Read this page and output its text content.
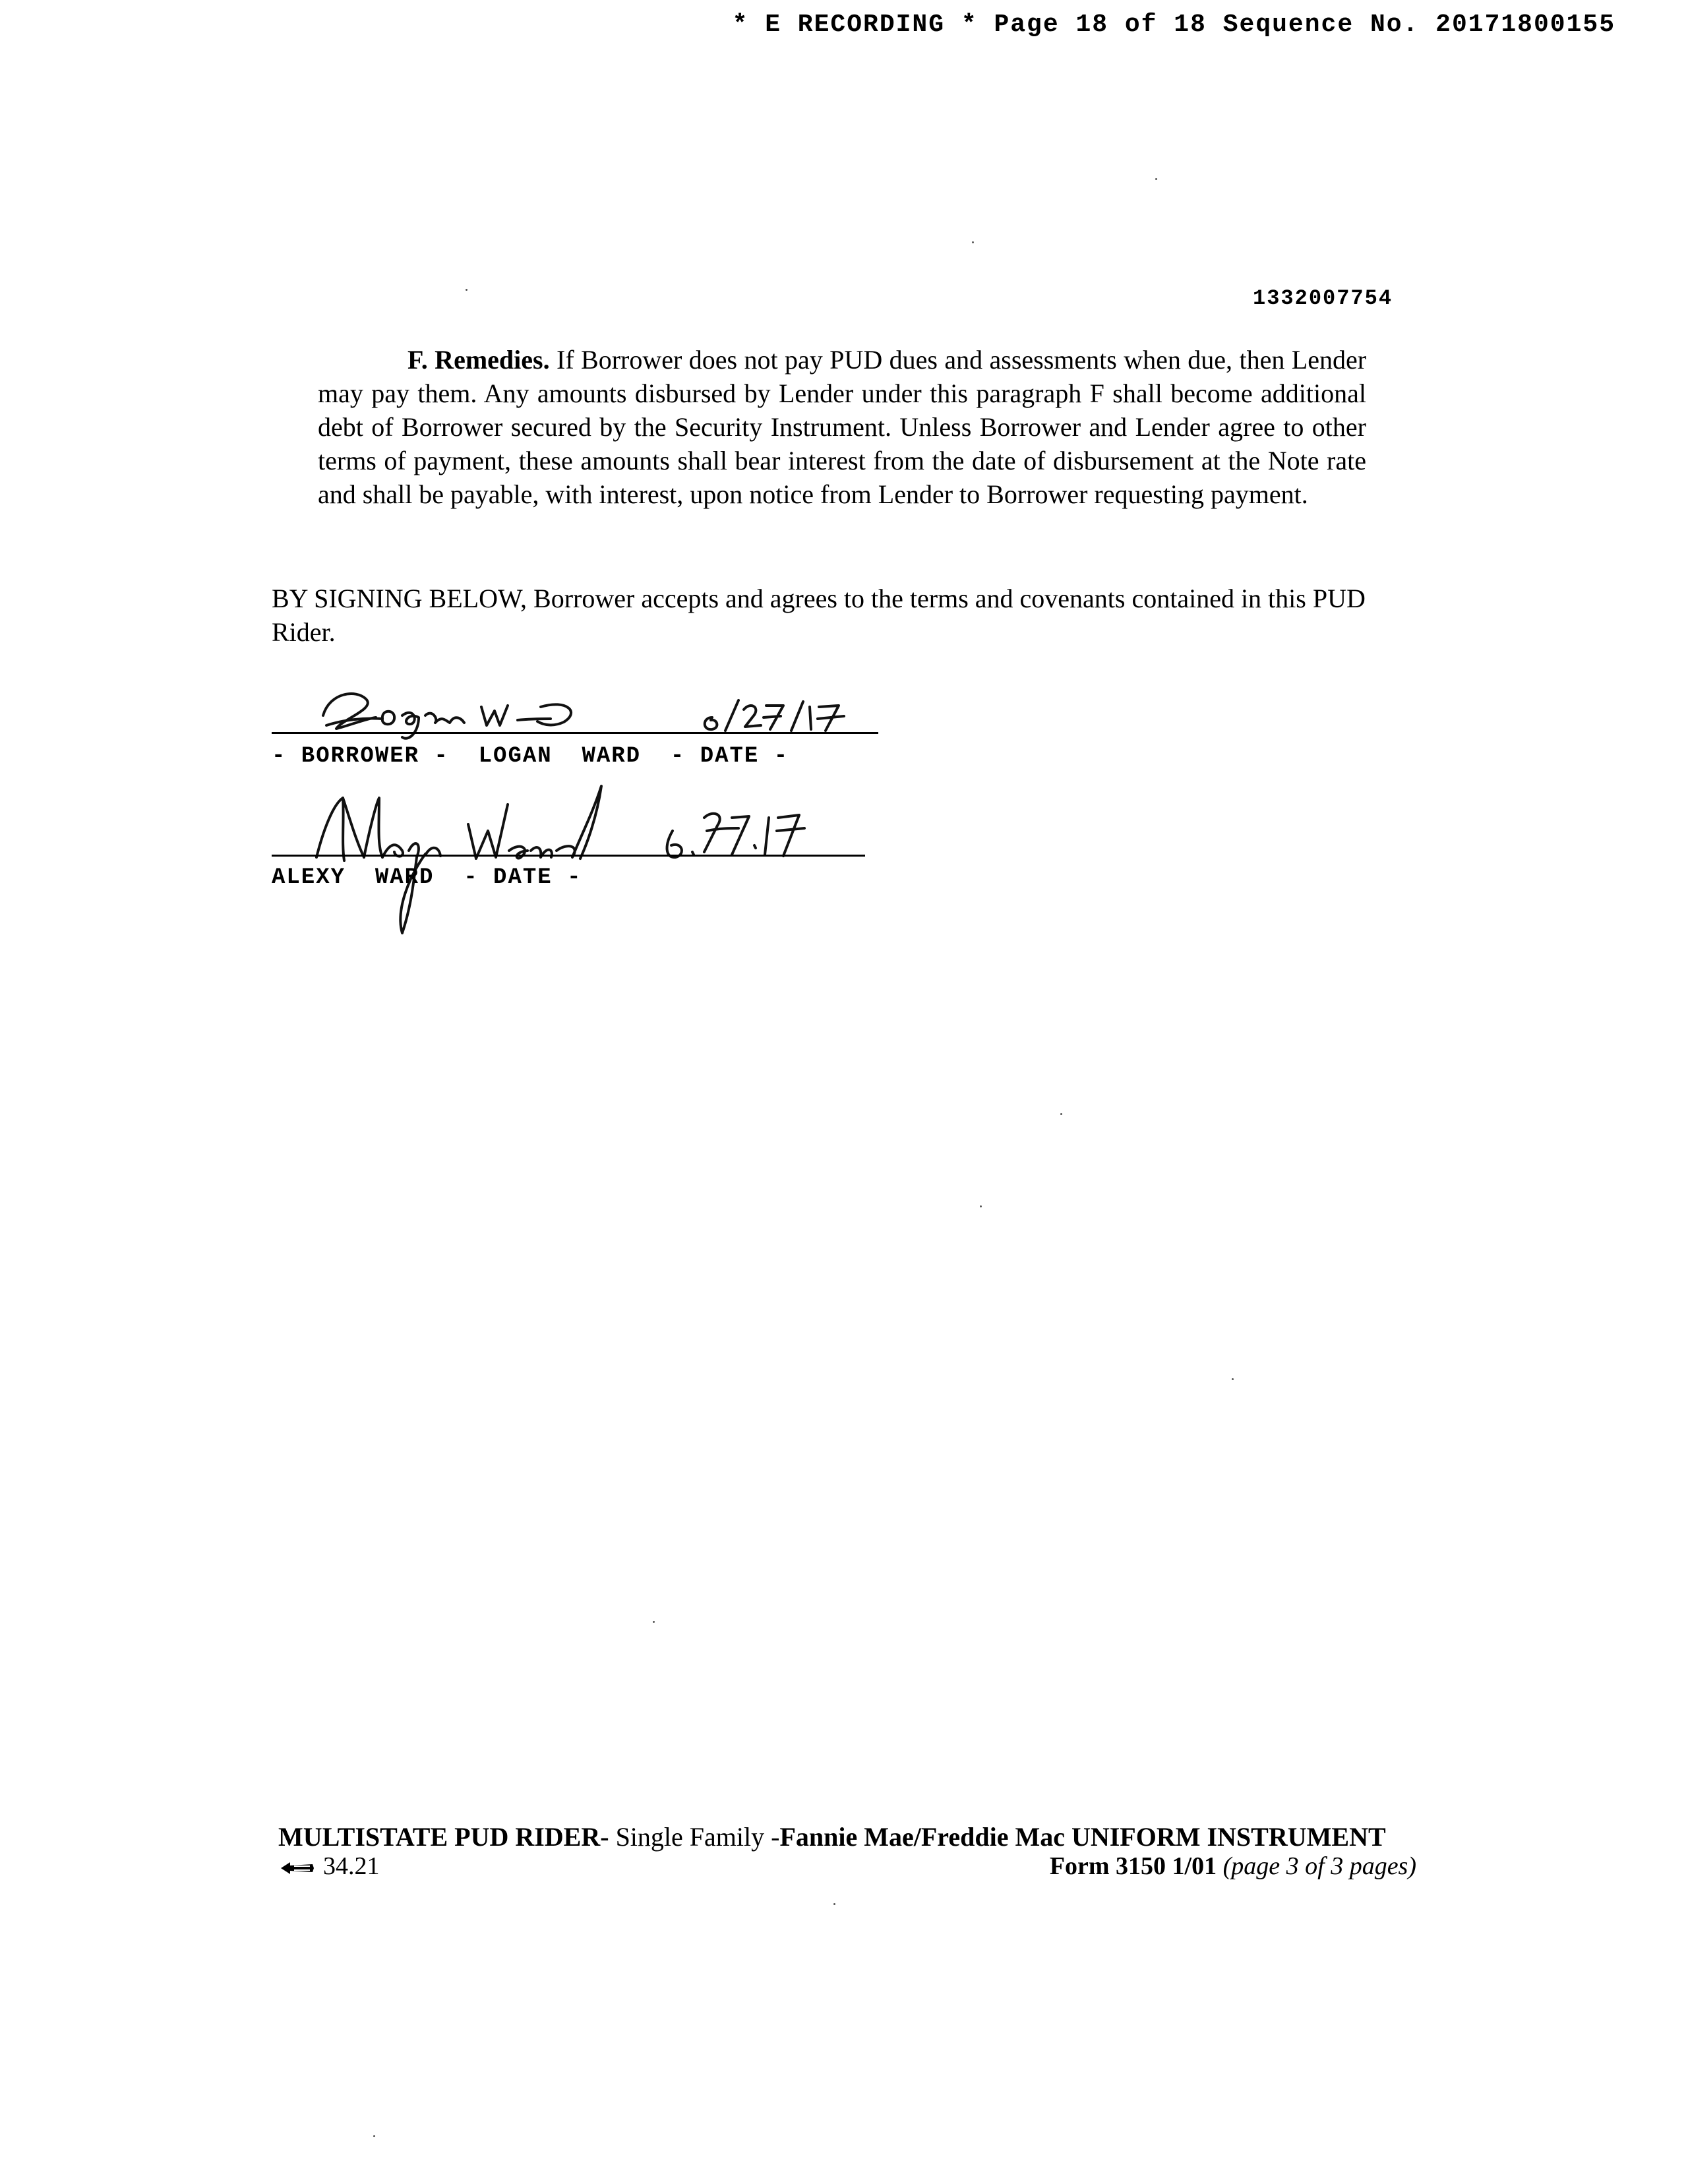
* E RECORDING * Page 18 of 18 Sequence No. 20171800155
1332007754
F. Remedies. If Borrower does not pay PUD dues and assessments when due, then Lender may pay them. Any amounts disbursed by Lender under this paragraph F shall become additional debt of Borrower secured by the Security Instrument. Unless Borrower and Lender agree to other terms of payment, these amounts shall bear interest from the date of disbursement at the Note rate and shall be payable, with interest, upon notice from Lender to Borrower requesting payment.
BY SIGNING BELOW, Borrower accepts and agrees to the terms and covenants contained in this PUD Rider.
- BORROWER -  LOGAN  WARD  - DATE -
ALEXY  WARD  - DATE -
MULTISTATE PUD RIDER- Single Family -Fannie Mae/Freddie Mac UNIFORM INSTRUMENT
34.21	Form 3150 1/01 (page 3 of 3 pages)
